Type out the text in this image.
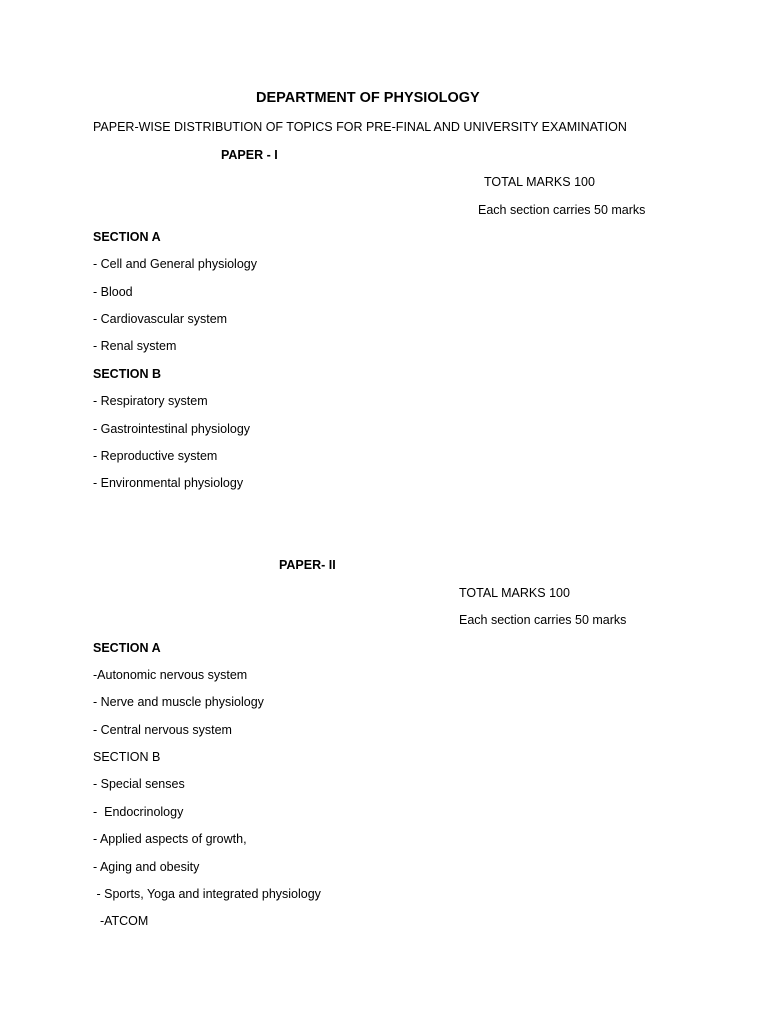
DEPARTMENT OF PHYSIOLOGY
PAPER-WISE DISTRIBUTION OF TOPICS FOR PRE-FINAL AND UNIVERSITY EXAMINATION
PAPER - I
TOTAL MARKS 100
Each section carries 50 marks
SECTION A
- Cell and General physiology
- Blood
- Cardiovascular system
- Renal system
SECTION B
- Respiratory system
- Gastrointestinal physiology
- Reproductive system
- Environmental physiology
PAPER- II
TOTAL MARKS 100
Each section carries 50 marks
SECTION A
-Autonomic nervous system
- Nerve and muscle physiology
- Central nervous system
SECTION B
- Special senses
-  Endocrinology
- Applied aspects of growth,
- Aging and obesity
- Sports, Yoga and integrated physiology
-ATCOM
